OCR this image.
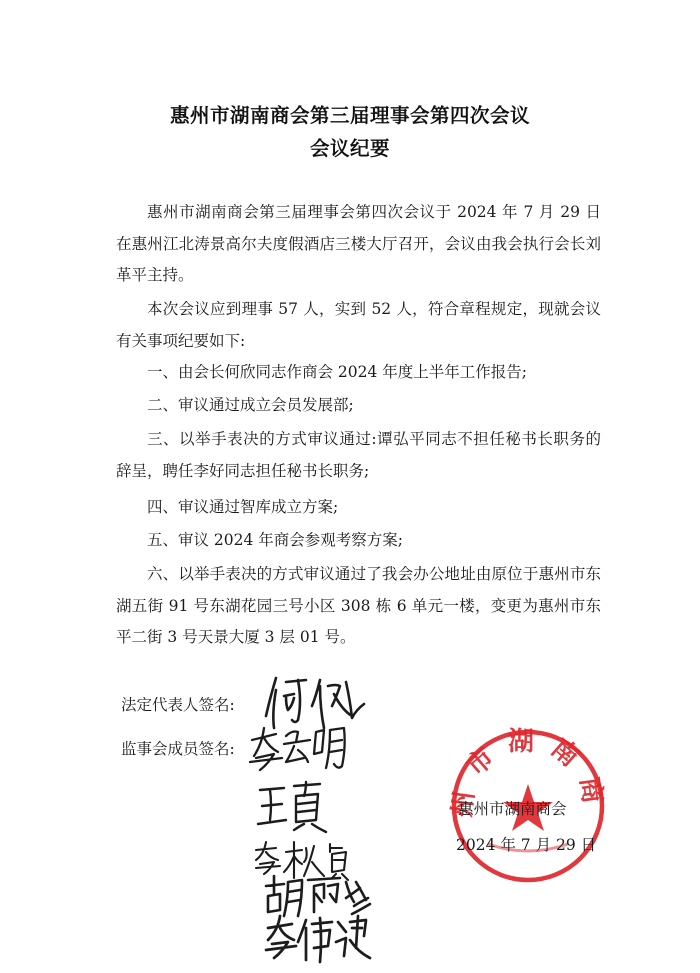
惠州市湖南商会第三届理事会第四次会议
会议纪要

惠州市湖南商会第三届理事会第四次会议于 2024 年 7 月 29 日在惠州江北涛景高尔夫度假酒店三楼大厅召开，会议由我会执行会长刘革平主持。

本次会议应到理事 57 人，实到 52 人，符合章程规定，现就会议有关事项纪要如下:

一、由会长何欣同志作商会 2024 年度上半年工作报告;

二、审议通过成立会员发展部;

三、以举手表决的方式审议通过:谭弘平同志不担任秘书长职务的辞呈，聘任李好同志担任秘书长职务;

四、审议通过智库成立方案;

五、审议 2024 年商会参观考察方案;

六、以举手表决的方式审议通过了我会办公地址由原位于惠州市东湖五街 91 号东湖花园三号小区 308 栋 6 单元一楼，变更为惠州市东平二街 3 号天景大厦 3 层 01 号。

法定代表人签名:
监事会成员签名:
州市湖南商
惠州市湖南商会
2024 年 7 月 29 日
